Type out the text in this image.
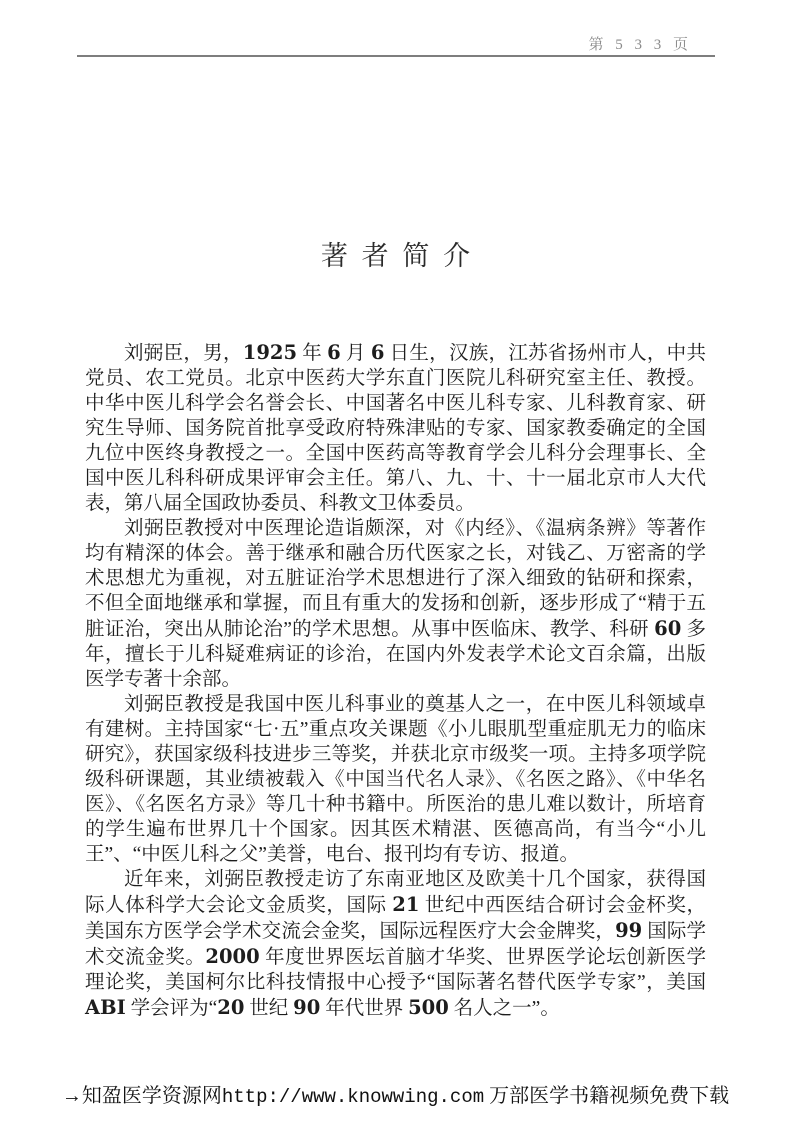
第 5 3 3 页
著 者 简 介

刘弼臣，男，1925 年 6 月 6 日生，汉族，江苏省扬州市人，中共党员、农工党员。北京中医药大学东直门医院儿科研究室主任、教授。中华中医儿科学会名誉会长、中国著名中医儿科专家、儿科教育家、研究生导师、国务院首批享受政府特殊津贴的专家、国家教委确定的全国九位中医终身教授之一。全国中医药高等教育学会儿科分会理事长、全国中医儿科科研成果评审会主任。第八、九、十、十一届北京市人大代表，第八届全国政协委员、科教文卫体委员。

刘弼臣教授对中医理论造诣颇深，对《内经》、《温病条辨》等著作均有精深的体会。善于继承和融合历代医家之长，对钱乙、万密斋的学术思想尤为重视，对五脏证治学术思想进行了深入细致的钻研和探索，不但全面地继承和掌握，而且有重大的发扬和创新，逐步形成了“精于五脏证治，突出从肺论治”的学术思想。从事中医临床、教学、科研 60 多年，擅长于儿科疑难病证的诊治，在国内外发表学术论文百余篇，出版医学专著十余部。

刘弼臣教授是我国中医儿科事业的奠基人之一，在中医儿科领域卓有建树。主持国家“七·五”重点攻关课题《小儿眼肌型重症肌无力的临床研究》，获国家级科技进步三等奖，并获北京市级奖一项。主持多项学院级科研课题，其业绩被载入《中国当代名人录》、《名医之路》、《中华名医》、《名医名方录》等几十种书籍中。所医治的患儿难以数计，所培育的学生遍布世界几十个国家。因其医术精湛、医德高尚，有当今“小儿王”、“中医儿科之父”美誉，电台、报刊均有专访、报道。

近年来，刘弼臣教授走访了东南亚地区及欧美十几个国家，获得国际人体科学大会论文金质奖，国际 21 世纪中西医结合研讨会金杯奖，美国东方医学会学术交流会金奖，国际远程医疗大会金牌奖，99 国际学术交流金奖。2000 年度世界医坛首脑才华奖、世界医学论坛创新医学理论奖，美国柯尔比科技情报中心授予“国际著名替代医学专家”，美国 ABI 学会评为“20 世纪 90 年代世界 500 名人之一”。

→知盈医学资源网http://www.knowwing.com 万部医学书籍视频免费下载
